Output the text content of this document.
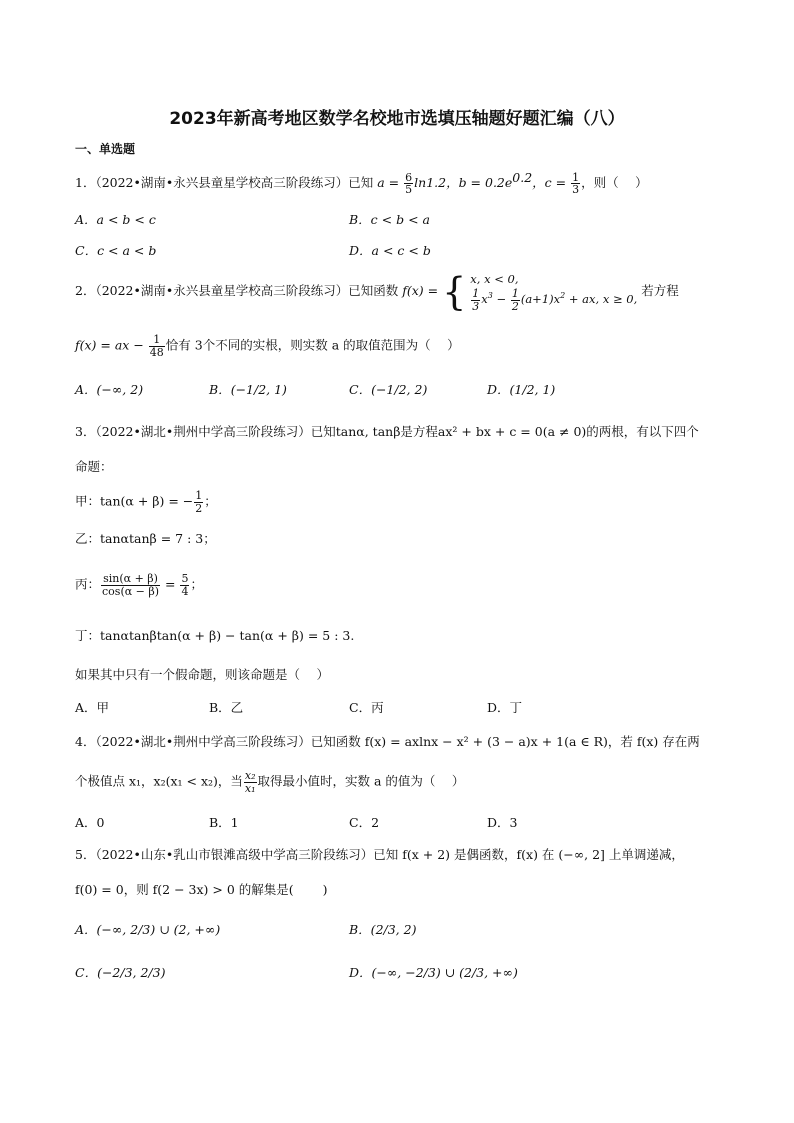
2023年新高考地区数学名校地市选填压轴题好题汇编（八）
一、单选题
1．（2022•湖南•永兴县童星学校高三阶段练习）已知 $a = \frac{6}{5} \ln 1.2$，$b = 0.2e^{0.2}$，$c = \frac{1}{3}$ ，则（　 ）
A．a < b < c	B．c < b < a
C．c < a < b	D．a < c < b
2．（2022•湖南•永兴县童星学校高三阶段练习）已知函数 f(x) = { x, x < 0,
$\frac{1}{3} x^3 - \frac{1}{2} (a+1)x^2$ + ax, x ≥ 0,
若方程
f(x) = ax − $\frac{1}{48}$ 恰有 3个不同的实根，则实数 a 的取值范围为（　 ）
A．(−∞, 2)	B．(−1/2, 1)	C．(−1/2, 2)	D．(1/2, 1)
3．（2022•湖北•荆州中学高三阶段练习）已知tanα, tanβ是方程ax² + bx + c = 0(a ≠ 0)的两根，有以下四个
命题：
甲：tan(α + β) = − $\frac{1}{2}$ ；
乙：tanαtanβ = 7 : 3；
丙： $\frac{\sin(\alpha + \beta)}{\cos(\alpha - \beta)} = \frac{5}{4}$ ；
丁：tanαtanβtan(α + β) − tan(α + β) = 5 : 3.
如果其中只有一个假命题，则该命题是（　 ）
A．甲	B．乙	C．丙	D．丁
4．（2022•湖北•荆州中学高三阶段练习）已知函数 f(x) = axlnx − x² + (3 − a)x + 1(a ∈ R)，若 f(x) 存在两
个极值点 x₁，x₂(x₁ < x₂)，当 $\frac{\text{x₂}}{\text{x₁}}$ 取得最小值时，实数 a 的值为（　 ）
A．0	B．1	C．2	D．3
5．（2022•山东•乳山市银滩高级中学高三阶段练习）已知 f(x + 2) 是偶函数，f(x) 在 (−∞, 2] 上单调递减，
f(0) = 0，则 f(2 − 3x) > 0 的解集是(　　 )
A．(−∞, 2/3) ∪ (2, +∞)	B．(2/3, 2)
C．(−2/3, 2/3)	D．(−∞, −2/3) ∪ (2/3, +∞)
